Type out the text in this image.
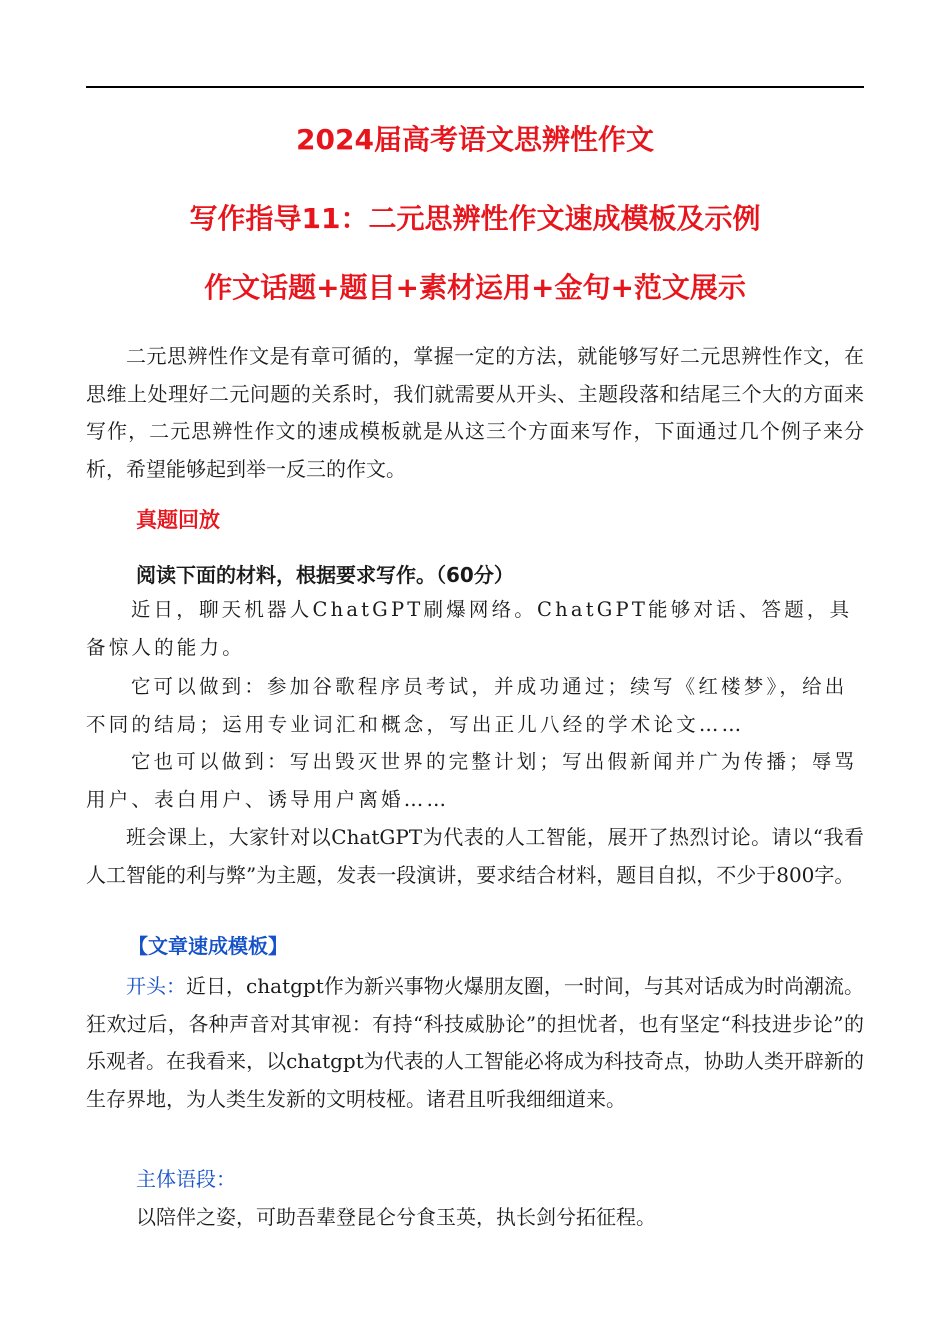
2024届高考语文思辨性作文
写作指导11：二元思辨性作文速成模板及示例
作文话题+题目+素材运用+金句+范文展示

二元思辨性作文是有章可循的，掌握一定的方法，就能够写好二元思辨性作文，在思维上处理好二元问题的关系时，我们就需要从开头、主题段落和结尾三个大的方面来写作，二元思辨性作文的速成模板就是从这三个方面来写作，下面通过几个例子来分析，希望能够起到举一反三的作文。

真题回放
阅读下面的材料，根据要求写作。（60分）

近日，聊天机器人ChatGPT刷爆网络。ChatGPT能够对话、答题，具备惊人的能力。

它可以做到：参加谷歌程序员考试，并成功通过；续写《红楼梦》，给出不同的结局；运用专业词汇和概念，写出正儿八经的学术论文……

它也可以做到：写出毁灭世界的完整计划；写出假新闻并广为传播；辱骂用户、表白用户、诱导用户离婚……

班会课上，大家针对以ChatGPT为代表的人工智能，展开了热烈讨论。请以“我看人工智能的利与弊”为主题，发表一段演讲，要求结合材料，题目自拟，不少于800字。

【文章速成模板】

开头：近日，chatgpt作为新兴事物火爆朋友圈，一时间，与其对话成为时尚潮流。狂欢过后，各种声音对其审视：有持“科技威胁论”的担忧者，也有坚定“科技进步论”的乐观者。在我看来，以chatgpt为代表的人工智能必将成为科技奇点，协助人类开辟新的生存界地，为人类生发新的文明枝桠。诸君且听我细细道来。

主体语段：
以陪伴之姿，可助吾辈登昆仑兮食玉英，执长剑兮拓征程。
